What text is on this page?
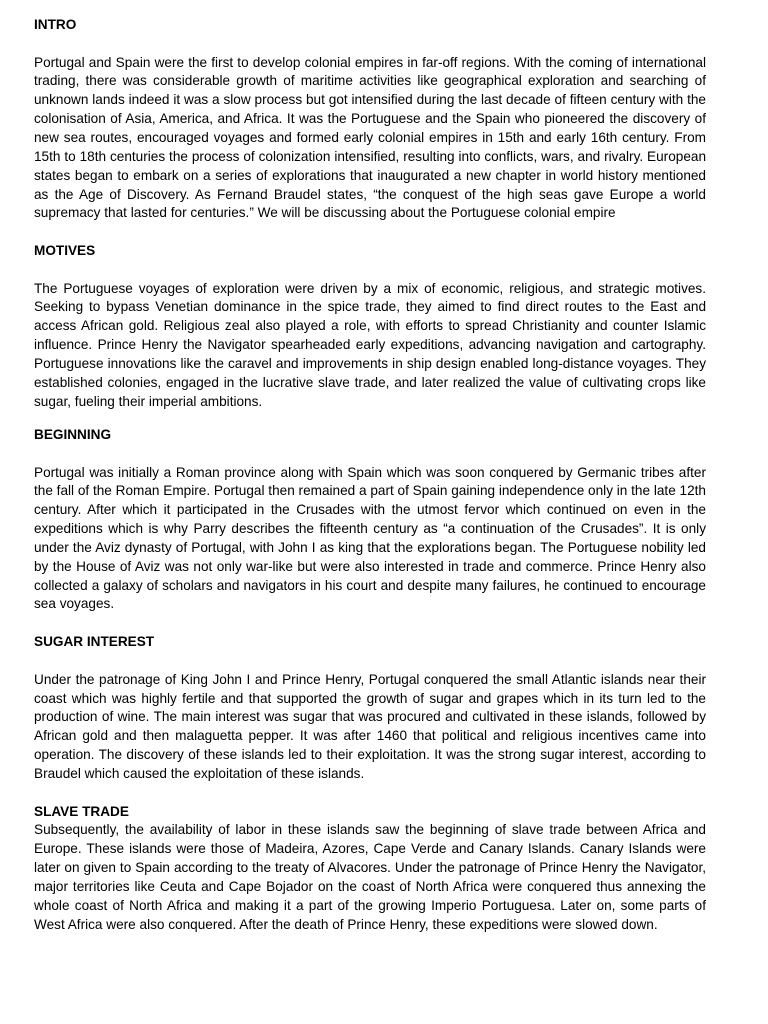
INTRO

Portugal and Spain were the first to develop colonial empires in far-off regions. With the coming of international trading, there was considerable growth of maritime activities like geographical exploration and searching of unknown lands indeed it was a slow process but got intensified during the last decade of fifteen century with the colonisation of Asia, America, and Africa. It was the Portuguese and the Spain who pioneered the discovery of new sea routes, encouraged voyages and formed early colonial empires in 15th and early 16th century. From 15th to 18th centuries the process of colonization intensified, resulting into conflicts, wars, and rivalry. European states began to embark on a series of explorations that inaugurated a new chapter in world history mentioned as the Age of Discovery. As Fernand Braudel states, “the conquest of the high seas gave Europe a world supremacy that lasted for centuries.” We will be discussing about the Portuguese colonial empire

MOTIVES

The Portuguese voyages of exploration were driven by a mix of economic, religious, and strategic motives. Seeking to bypass Venetian dominance in the spice trade, they aimed to find direct routes to the East and access African gold. Religious zeal also played a role, with efforts to spread Christianity and counter Islamic influence. Prince Henry the Navigator spearheaded early expeditions, advancing navigation and cartography. Portuguese innovations like the caravel and improvements in ship design enabled long-distance voyages. They established colonies, engaged in the lucrative slave trade, and later realized the value of cultivating crops like sugar, fueling their imperial ambitions.

BEGINNING

Portugal was initially a Roman province along with Spain which was soon conquered by Germanic tribes after the fall of the Roman Empire. Portugal then remained a part of Spain gaining independence only in the late 12th century. After which it participated in the Crusades with the utmost fervor which continued on even in the expeditions which is why Parry describes the fifteenth century as “a continuation of the Crusades”. It is only under the Aviz dynasty of Portugal, with John I as king that the explorations began. The Portuguese nobility led by the House of Aviz was not only war-like but were also interested in trade and commerce. Prince Henry also collected a galaxy of scholars and navigators in his court and despite many failures, he continued to encourage sea voyages.

SUGAR INTEREST

Under the patronage of King John I and Prince Henry, Portugal conquered the small Atlantic islands near their coast which was highly fertile and that supported the growth of sugar and grapes which in its turn led to the production of wine. The main interest was sugar that was procured and cultivated in these islands, followed by African gold and then malaguetta pepper. It was after 1460 that political and religious incentives came into operation. The discovery of these islands led to their exploitation. It was the strong sugar interest, according to Braudel which caused the exploitation of these islands.

SLAVE TRADE

Subsequently, the availability of labor in these islands saw the beginning of slave trade between Africa and Europe. These islands were those of Madeira, Azores, Cape Verde and Canary Islands. Canary Islands were later on given to Spain according to the treaty of Alvacores. Under the patronage of Prince Henry the Navigator, major territories like Ceuta and Cape Bojador on the coast of North Africa were conquered thus annexing the whole coast of North Africa and making it a part of the growing Imperio Portuguesa. Later on, some parts of West Africa were also conquered. After the death of Prince Henry, these expeditions were slowed down.
